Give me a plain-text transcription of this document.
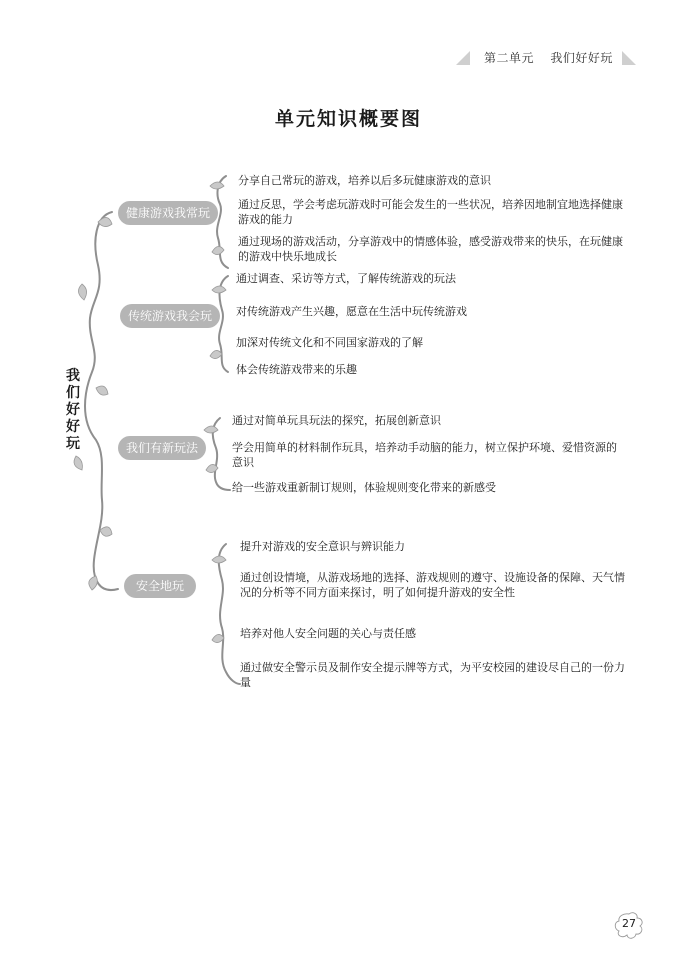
第二单元 我们好好玩
单元知识概要图
我们好好玩
健康游戏我常玩
分享自己常玩的游戏，培养以后多玩健康游戏的意识
通过反思，学会考虑玩游戏时可能会发生的一些状况，培养因地制宜地选择健康游戏的能力
通过现场的游戏活动，分享游戏中的情感体验，感受游戏带来的快乐，在玩健康的游戏中快乐地成长
传统游戏我会玩
通过调查、采访等方式，了解传统游戏的玩法
对传统游戏产生兴趣，愿意在生活中玩传统游戏
加深对传统文化和不同国家游戏的了解
体会传统游戏带来的乐趣
我们有新玩法
通过对简单玩具玩法的探究，拓展创新意识
学会用简单的材料制作玩具，培养动手动脑的能力，树立保护环境、爱惜资源的意识
给一些游戏重新制订规则，体验规则变化带来的新感受
安全地玩
提升对游戏的安全意识与辨识能力
通过创设情境，从游戏场地的选择、游戏规则的遵守、设施设备的保障、天气情况的分析等不同方面来探讨，明了如何提升游戏的安全性
培养对他人安全问题的关心与责任感
通过做安全警示员及制作安全提示牌等方式，为平安校园的建设尽自己的一份力量
27
